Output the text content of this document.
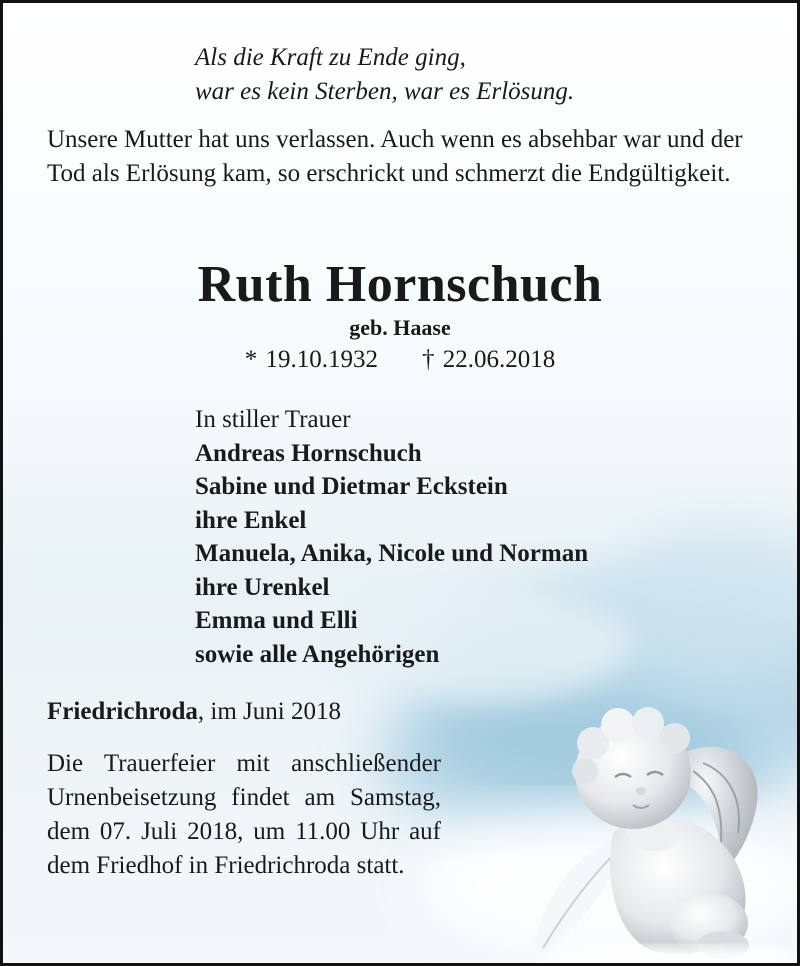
Als die Kraft zu Ende ging,
war es kein Sterben, war es Erlösung.
Unsere Mutter hat uns verlassen. Auch wenn es absehbar war und der Tod als Erlösung kam, so erschrickt und schmerzt die Endgültigkeit.
Ruth Hornschuch
geb. Haase
* 19.10.1932 † 22.06.2018
In stiller Trauer
Andreas Hornschuch
Sabine und Dietmar Eckstein
ihre Enkel
Manuela, Anika, Nicole und Norman
ihre Urenkel
Emma und Elli
sowie alle Angehörigen
Friedrichroda, im Juni 2018
Die Trauerfeier mit anschließender Urnenbeisetzung findet am Samstag, dem 07. Juli 2018, um 11.00 Uhr auf dem Friedhof in Friedrichroda statt.
